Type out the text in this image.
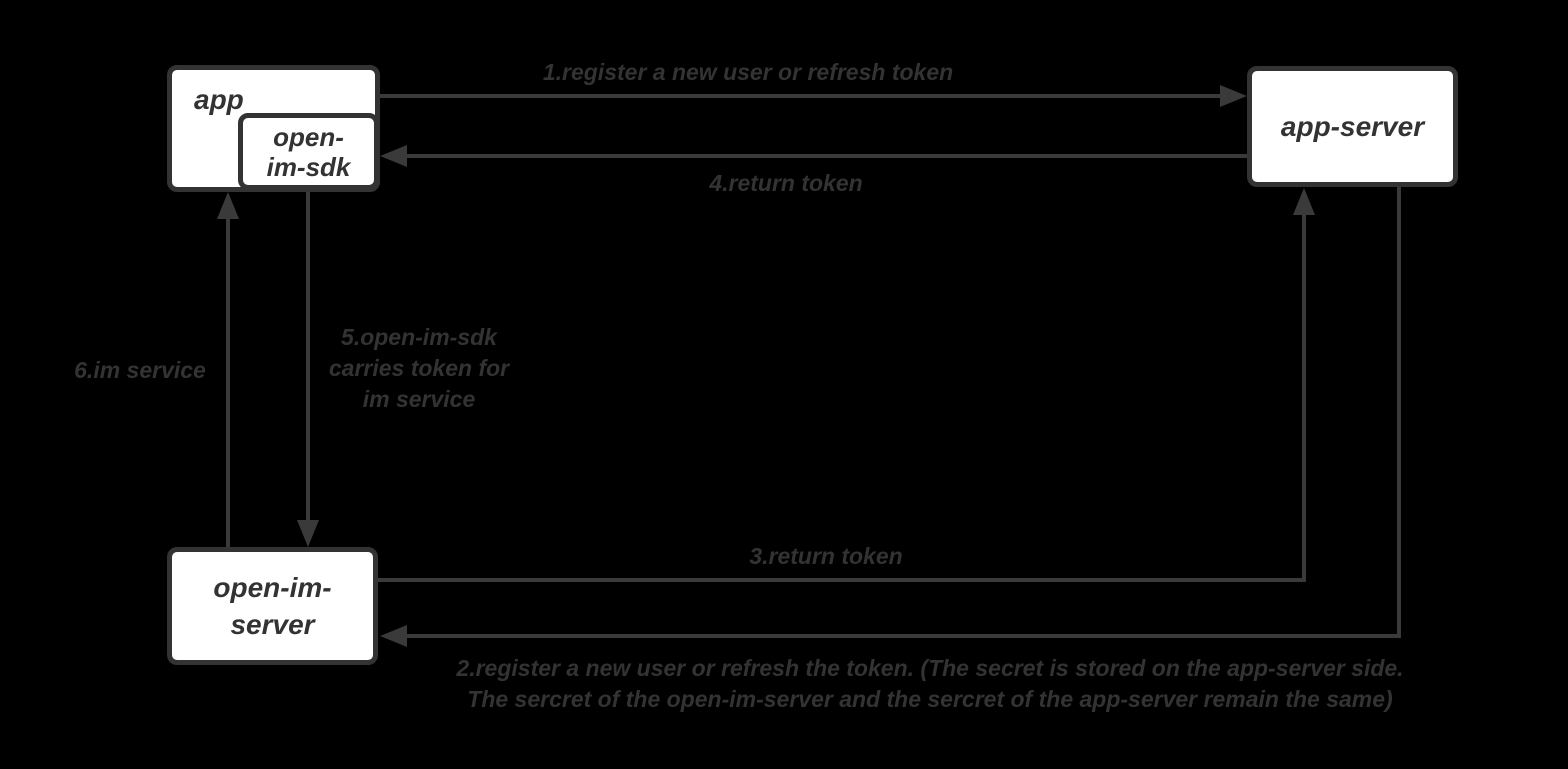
app
open-
im-sdk
app-server
open-im-
server
1.register a new user or refresh token
4.return token
3.return token
2.register a new user or refresh the token. (The secret is stored on the app-server side.
The sercret of the open-im-server and the sercret of the app-server remain the same)
5.open-im-sdk
carries token for
im service
6.im service
